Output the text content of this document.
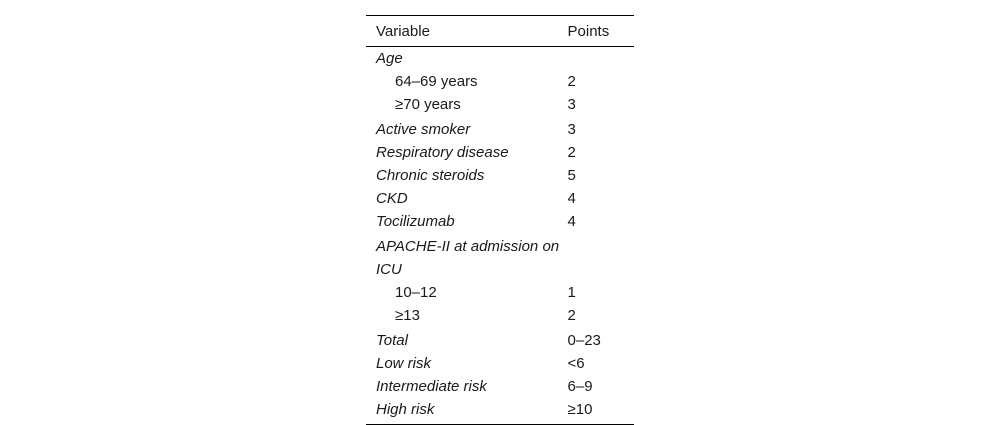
Variable	Points
Age	
64–69 years	2
≥70 years	3
Active smoker	3
Respiratory disease	2
Chronic steroids	5
CKD	4
Tocilizumab	4
APACHE-II at admission on ICU	
10–12	1
≥13	2
Total	0–23
Low risk	<6
Intermediate risk	6–9
High risk	≥10
